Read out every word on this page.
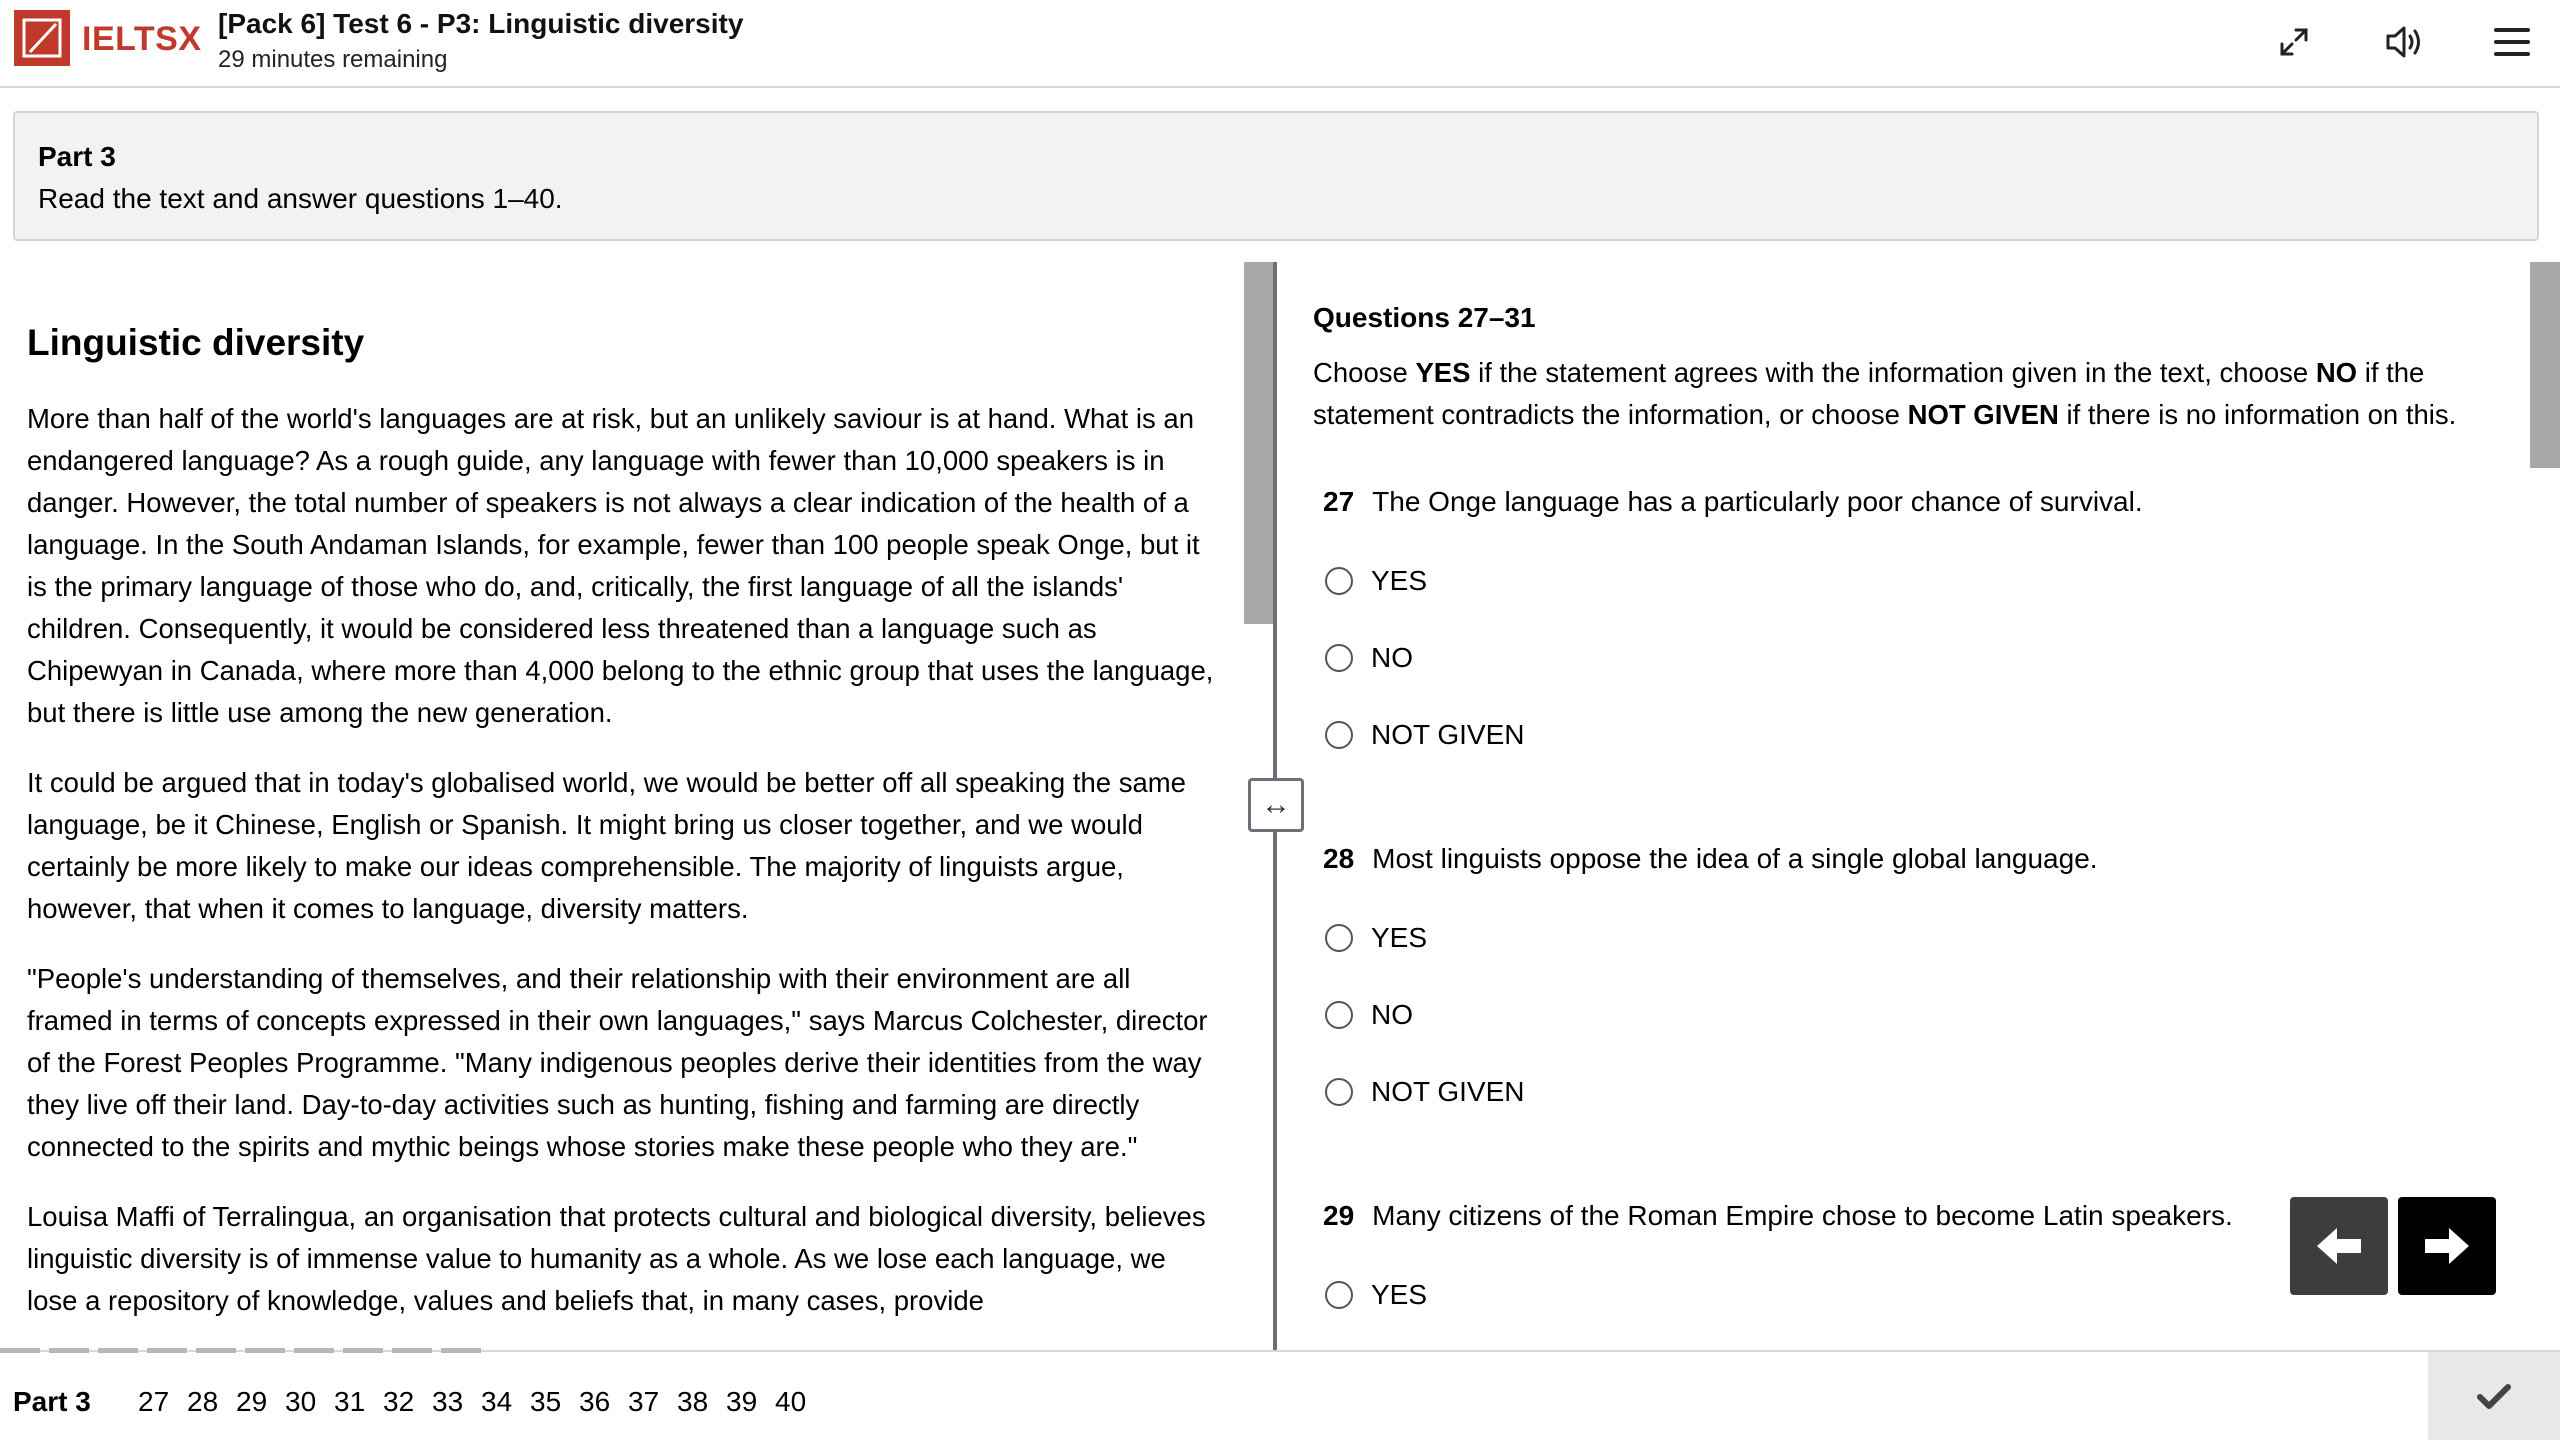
IELTSX [Pack 6] Test 6 - P3: Linguistic diversity
29 minutes remaining
Part 3
Read the text and answer questions 1–40.
Linguistic diversity

More than half of the world's languages are at risk, but an unlikely saviour is at hand. What is an endangered language? As a rough guide, any language with fewer than 10,000 speakers is in danger. However, the total number of speakers is not always a clear indication of the health of a language. In the South Andaman Islands, for example, fewer than 100 people speak Onge, but it is the primary language of those who do, and, critically, the first language of all the islands' children. Consequently, it would be considered less threatened than a language such as Chipewyan in Canada, where more than 4,000 belong to the ethnic group that uses the language, but there is little use among the new generation.

It could be argued that in today's globalised world, we would be better off all speaking the same language, be it Chinese, English or Spanish. It might bring us closer together, and we would certainly be more likely to make our ideas comprehensible. The majority of linguists argue, however, that when it comes to language, diversity matters.

"People's understanding of themselves, and their relationship with their environment are all framed in terms of concepts expressed in their own languages," says Marcus Colchester, director of the Forest Peoples Programme. "Many indigenous peoples derive their identities from the way they live off their land. Day-to-day activities such as hunting, fishing and farming are directly connected to the spirits and mythic beings whose stories make these people who they are."

Louisa Maffi of Terralingua, an organisation that protects cultural and biological diversity, believes linguistic diversity is of immense value to humanity as a whole. As we lose each language, we lose a repository of knowledge, values and beliefs that, in many cases, provide

↔
Questions 27–31
Choose YES if the statement agrees with the information given in the text, choose NO if the statement contradicts the information, or choose NOT GIVEN if there is no information on this.
27 The Onge language has a particularly poor chance of survival.
YES
NO
NOT GIVEN
28 Most linguists oppose the idea of a single global language.
YES
NO
NOT GIVEN
29 Many citizens of the Roman Empire chose to become Latin speakers.
YES
Part 3 27 28 29 30 31 32 33 34 35 36 37 38 39 40
